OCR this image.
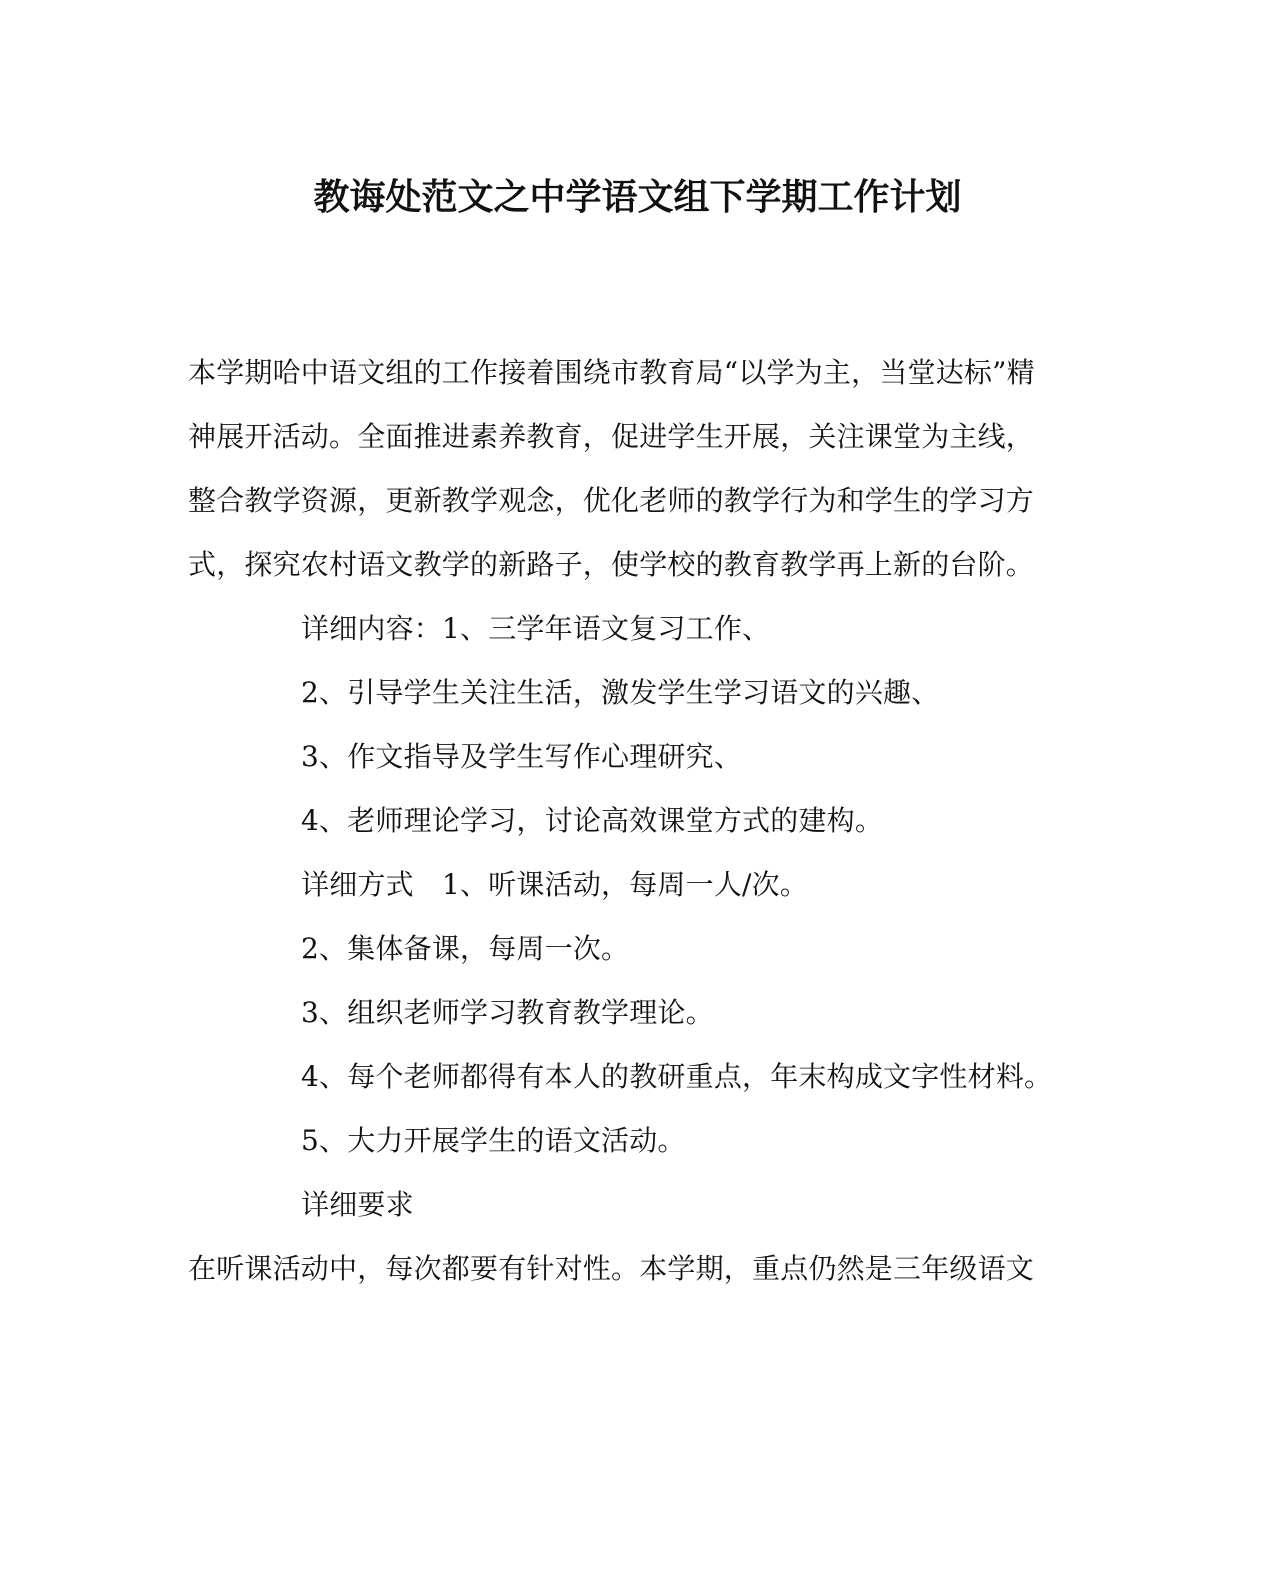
教诲处范文之中学语文组下学期工作计划
本学期哈中语文组的工作接着围绕市教育局“以学为主，当堂达标”精
神展开活动。全面推进素养教育，促进学生开展，关注课堂为主线，
整合教学资源，更新教学观念，优化老师的教学行为和学生的学习方
式，探究农村语文教学的新路子，使学校的教育教学再上新的台阶。
详细内容：1、三学年语文复习工作、
2、引导学生关注生活，激发学生学习语文的兴趣、
3、作文指导及学生写作心理研究、
4、老师理论学习，讨论高效课堂方式的建构。
详细方式　1、听课活动，每周一人/次。
2、集体备课，每周一次。
3、组织老师学习教育教学理论。
4、每个老师都得有本人的教研重点，年末构成文字性材料。
5、大力开展学生的语文活动。
详细要求
在听课活动中，每次都要有针对性。本学期，重点仍然是三年级语文
